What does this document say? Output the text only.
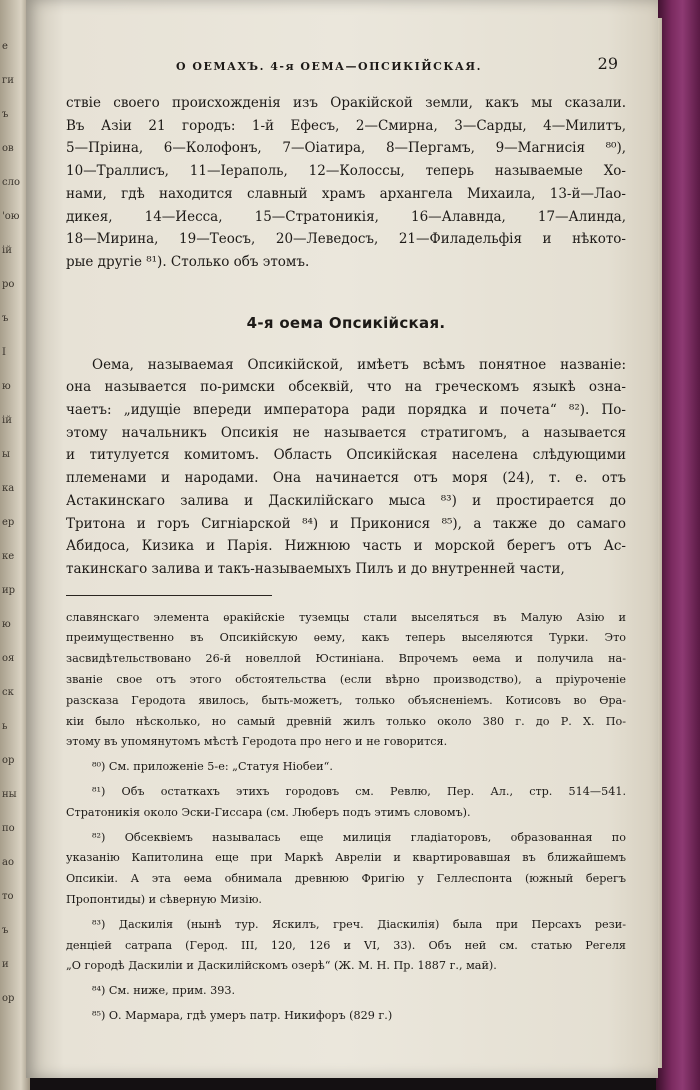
е
ги
ъ
ов
сло
'ою
ій
ро
ъ
I
ю
ій
ы
ка
ер
ке
ир
ю
оя
ск
ь
ор
ны
по
ао
то
ъ
и
ор
О ОЕМАХЪ. 4-я ОЕМА—ОПСИКІЙСКАЯ.	29
ствіе своего происхожденія изъ Оракійской земли, какъ мы сказали.
Въ Азіи 21 городъ: 1-й Ефесъ, 2—Смирна, 3—Сарды, 4—Милитъ,
5—Пріина, 6—Колофонъ, 7—Оіатира, 8—Пергамъ, 9—Магнисія ⁸⁰),
10—Траллисъ, 11—Іераполь, 12—Колоссы, теперь называемые Хо-
нами, гдѣ находится славный храмъ архангела Михаила, 13-й—Лао-
дикея, 14—Иесса, 15—Стратоникія, 16—Алавнда, 17—Алинда,
18—Мирина, 19—Теосъ, 20—Леведосъ, 21—Филадельфія и нѣкото-
рые другіе ⁸¹). Столько объ этомъ.
4-я оема Опсикійская.
Оема, называемая Опсикійской, имѣетъ всѣмъ понятное названіе:
она называется по-римски обсеквій, что на греческомъ языкѣ озна-
чаетъ: „идущіе впереди императора ради порядка и почета“ ⁸²). По-
этому начальникъ Опсикія не называется стратигомъ, а называется
и титулуется комитомъ. Область Опсикійская населена слѣдующими
племенами и народами. Она начинается отъ моря (24), т. е. отъ
Астакинскаго залива и Даскилійскаго мыса ⁸³) и простирается до
Тритона и горъ Сигніарской ⁸⁴) и Приконися ⁸⁵), а также до самаго
Абидоса, Кизика и Парія. Нижнюю часть и морской берегъ отъ Ас-
такинскаго залива и такъ-называемыхъ Пилъ и до внутренней части,
славянскаго элемента ѳракійскіе туземцы стали выселяться въ Малую Азію и
преимущественно въ Опсикійскую ѳему, какъ теперь выселяются Турки. Это
засвидѣтельствовано 26-й новеллой Юстиніана. Впрочемъ ѳема и получила на-
званіе свое отъ этого обстоятельства (если вѣрно производство), а пріуроченіе
разсказа Геродота явилось, быть-можетъ, только объясненіемъ. Котисовъ во Ѳра-
кіи было нѣсколько, но самый древній жилъ только около 380 г. до Р. Х. По-
этому въ упомянутомъ мѣстѣ Геродота про него и не говорится.
⁸⁰) См. приложеніе 5-е: „Статуя Ніобеи“.
⁸¹) Объ остаткахъ этихъ городовъ см. Ревлю, Пер. Ал., стр. 514—541.
Стратоникія около Эски-Гиссара (см. Люберъ подъ этимъ словомъ).
⁸²) Обсеквіемъ называлась еще милиція гладіаторовъ, образованная по
указанію Капитолина еще при Маркѣ Авреліи и квартировавшая въ ближайшемъ
Опсикіи. А эта ѳема обнимала древнюю Фригію у Геллеспонта (южный берегъ
Пропонтиды) и сѣверную Мизію.
⁸³) Даскилія (нынѣ тур. Яскилъ, греч. Діаскилія) была при Персахъ рези-
денціей сатрапа (Герод. III, 120, 126 и VI, 33). Объ ней см. статью Регеля
„О городѣ Даскиліи и Даскилійскомъ озерѣ“ (Ж. М. Н. Пр. 1887 г., май).
⁸⁴) См. ниже, прим. 393.
⁸⁵) О. Мармара, гдѣ умеръ патр. Никифоръ (829 г.)
